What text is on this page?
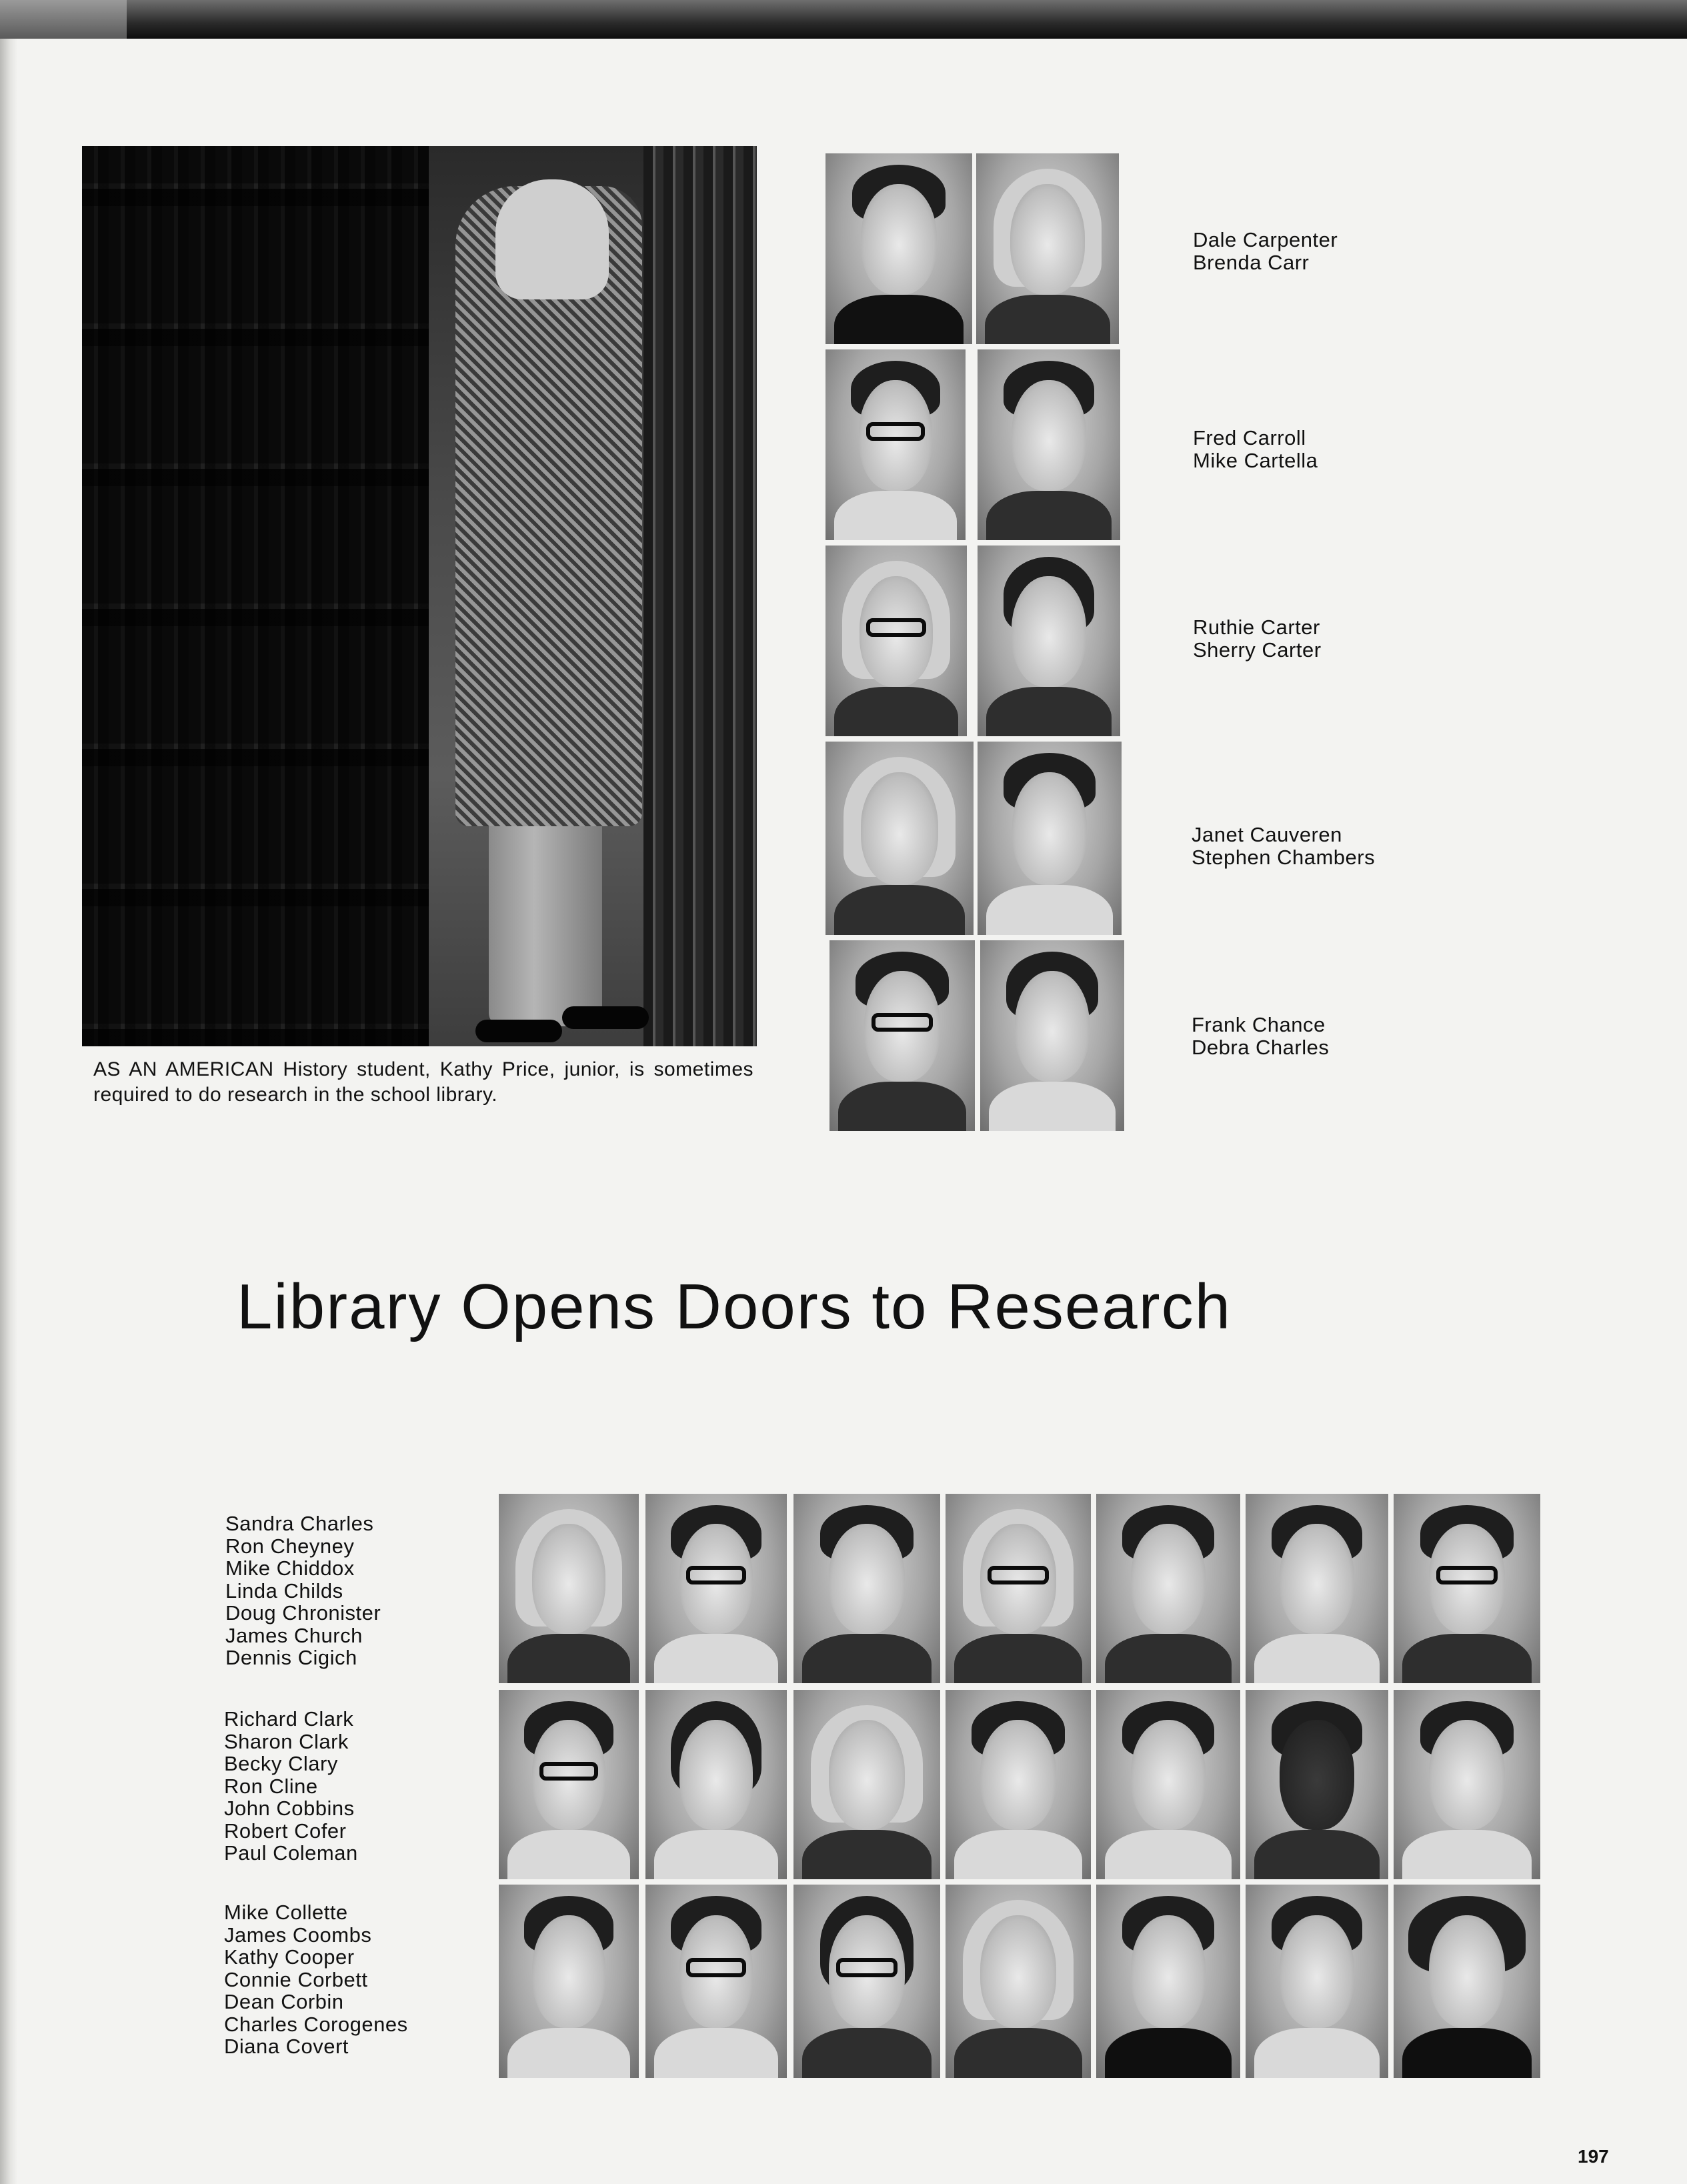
AS AN AMERICAN History student, Kathy Price, junior, is sometimes required to do research in the school library.
Dale Carpenter
Brenda Carr
Fred Carroll
Mike Cartella
Ruthie Carter
Sherry Carter
Janet Cauveren
Stephen Chambers
Frank Chance
Debra Charles
Library Opens Doors to Research
Sandra Charles
Ron Cheyney
Mike Chiddox
Linda Childs
Doug Chronister
James Church
Dennis Cigich
Richard Clark
Sharon Clark
Becky Clary
Ron Cline
John Cobbins
Robert Cofer
Paul Coleman
Mike Collette
James Coombs
Kathy Cooper
Connie Corbett
Dean Corbin
Charles Corogenes
Diana Covert
197
